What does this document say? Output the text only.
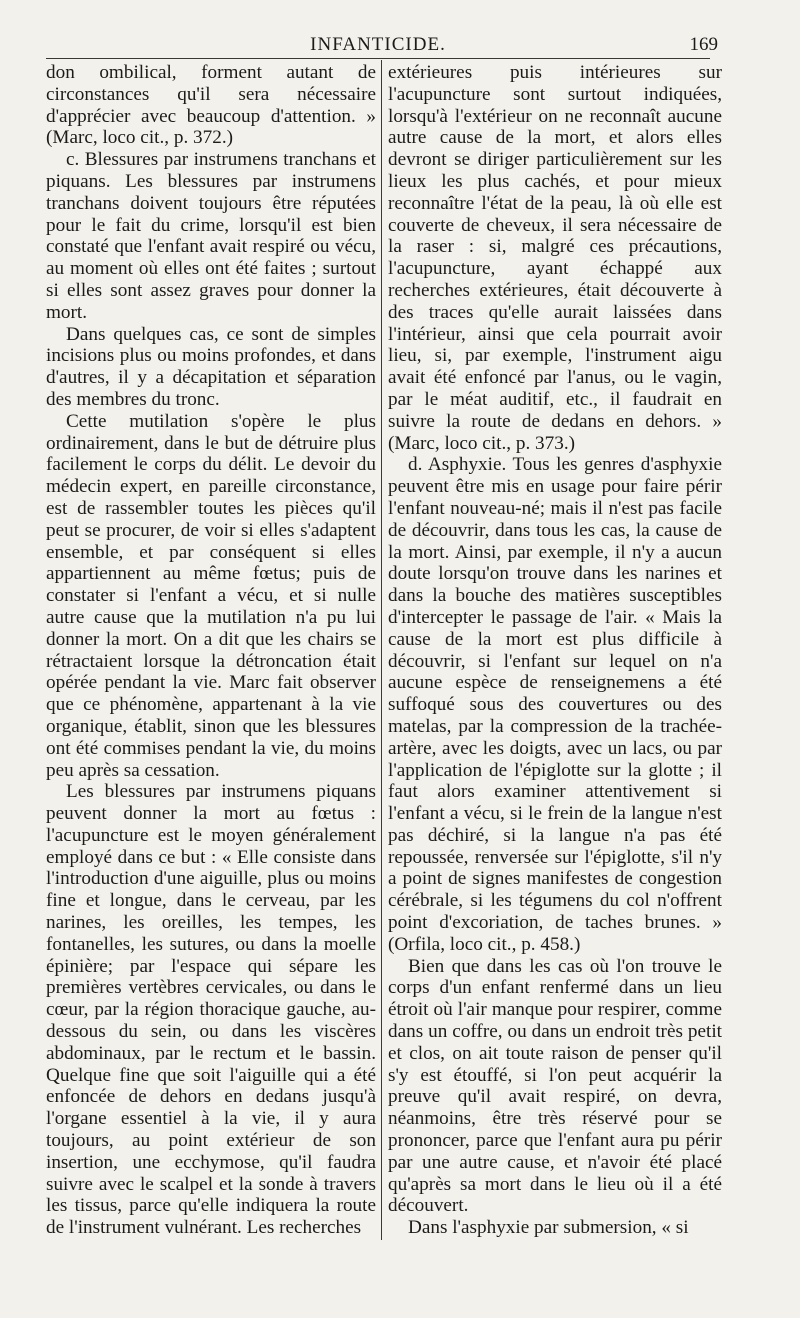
INFANTICIDE.	169

don ombilical, forment autant de circonstances qu'il sera nécessaire d'apprécier avec beaucoup d'attention. » (Marc, loco cit., p. 372.)

c. Blessures par instrumens tranchans et piquans. Les blessures par instrumens tranchans doivent toujours être réputées pour le fait du crime, lorsqu'il est bien constaté que l'enfant avait respiré ou vécu, au moment où elles ont été faites ; surtout si elles sont assez graves pour donner la mort.

Dans quelques cas, ce sont de simples incisions plus ou moins profondes, et dans d'autres, il y a décapitation et séparation des membres du tronc.

Cette mutilation s'opère le plus ordinairement, dans le but de détruire plus facilement le corps du délit. Le devoir du médecin expert, en pareille circonstance, est de rassembler toutes les pièces qu'il peut se procurer, de voir si elles s'adaptent ensemble, et par conséquent si elles appartiennent au même fœtus; puis de constater si l'enfant a vécu, et si nulle autre cause que la mutilation n'a pu lui donner la mort. On a dit que les chairs se rétractaient lorsque la détroncation était opérée pendant la vie. Marc fait observer que ce phénomène, appartenant à la vie organique, établit, sinon que les blessures ont été commises pendant la vie, du moins peu après sa cessation.

Les blessures par instrumens piquans peuvent donner la mort au fœtus : l'acupuncture est le moyen généralement employé dans ce but : « Elle consiste dans l'introduction d'une aiguille, plus ou moins fine et longue, dans le cerveau, par les narines, les oreilles, les tempes, les fontanelles, les sutures, ou dans la moelle épinière; par l'espace qui sépare les premières vertèbres cervicales, ou dans le cœur, par la région thoracique gauche, au-dessous du sein, ou dans les viscères abdominaux, par le rectum et le bassin. Quelque fine que soit l'aiguille qui a été enfoncée de dehors en dedans jusqu'à l'organe essentiel à la vie, il y aura toujours, au point extérieur de son insertion, une ecchymose, qu'il faudra suivre avec le scalpel et la sonde à travers les tissus, parce qu'elle indiquera la route de l'instrument vulnérant. Les recherches

extérieures puis intérieures sur l'acupuncture sont surtout indiquées, lorsqu'à l'extérieur on ne reconnaît aucune autre cause de la mort, et alors elles devront se diriger particulièrement sur les lieux les plus cachés, et pour mieux reconnaître l'état de la peau, là où elle est couverte de cheveux, il sera nécessaire de la raser : si, malgré ces précautions, l'acupuncture, ayant échappé aux recherches extérieures, était découverte à des traces qu'elle aurait laissées dans l'intérieur, ainsi que cela pourrait avoir lieu, si, par exemple, l'instrument aigu avait été enfoncé par l'anus, ou le vagin, par le méat auditif, etc., il faudrait en suivre la route de dedans en dehors. » (Marc, loco cit., p. 373.)

d. Asphyxie. Tous les genres d'asphyxie peuvent être mis en usage pour faire périr l'enfant nouveau-né; mais il n'est pas facile de découvrir, dans tous les cas, la cause de la mort. Ainsi, par exemple, il n'y a aucun doute lorsqu'on trouve dans les narines et dans la bouche des matières susceptibles d'intercepter le passage de l'air. « Mais la cause de la mort est plus difficile à découvrir, si l'enfant sur lequel on n'a aucune espèce de renseignemens a été suffoqué sous des couvertures ou des matelas, par la compression de la trachée-artère, avec les doigts, avec un lacs, ou par l'application de l'épiglotte sur la glotte ; il faut alors examiner attentivement si l'enfant a vécu, si le frein de la langue n'est pas déchiré, si la langue n'a pas été repoussée, renversée sur l'épiglotte, s'il n'y a point de signes manifestes de congestion cérébrale, si les tégumens du col n'offrent point d'excoriation, de taches brunes. » (Orfila, loco cit., p. 458.)

Bien que dans les cas où l'on trouve le corps d'un enfant renfermé dans un lieu étroit où l'air manque pour respirer, comme dans un coffre, ou dans un endroit très petit et clos, on ait toute raison de penser qu'il s'y est étouffé, si l'on peut acquérir la preuve qu'il avait respiré, on devra, néanmoins, être très réservé pour se prononcer, parce que l'enfant aura pu périr par une autre cause, et n'avoir été placé qu'après sa mort dans le lieu où il a été découvert.

Dans l'asphyxie par submersion, « si
